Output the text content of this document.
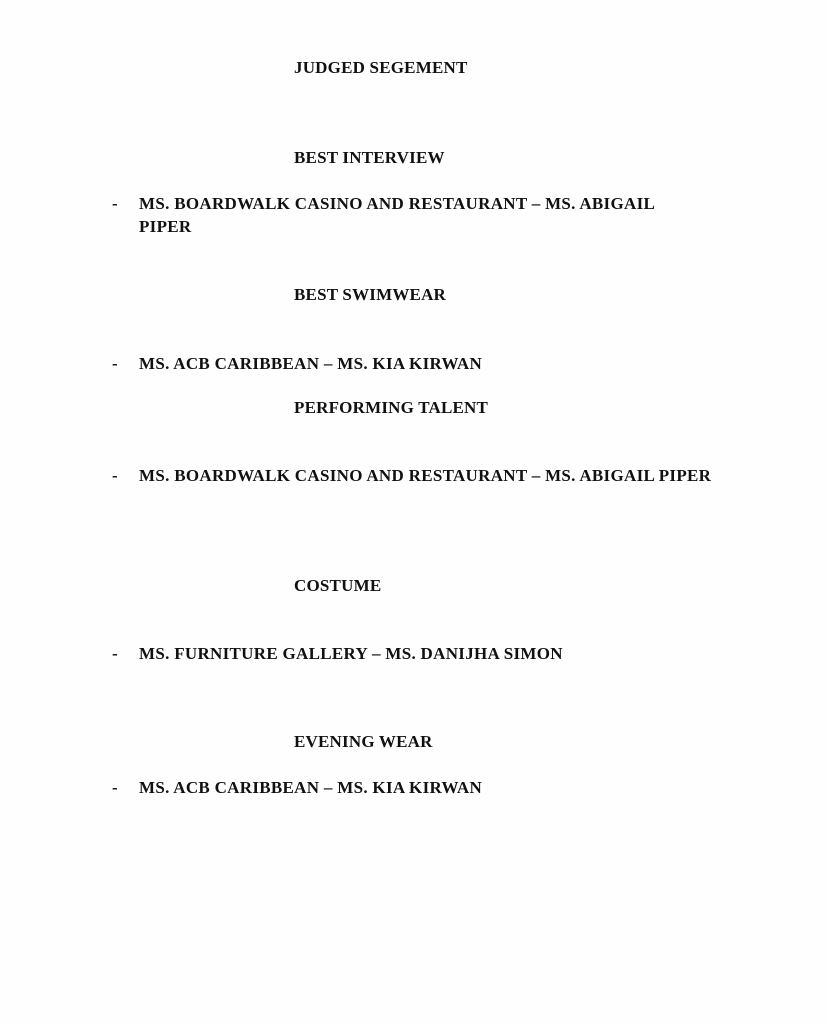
JUDGED SEGEMENT
BEST INTERVIEW
- MS. BOARDWALK CASINO AND RESTAURANT – MS. ABIGAIL PIPER
BEST SWIMWEAR
- MS. ACB CARIBBEAN – MS. KIA KIRWAN
PERFORMING TALENT
- MS. BOARDWALK CASINO AND RESTAURANT – MS. ABIGAIL PIPER
COSTUME
- MS. FURNITURE GALLERY – MS. DANIJHA SIMON
EVENING WEAR
- MS. ACB CARIBBEAN – MS. KIA KIRWAN
